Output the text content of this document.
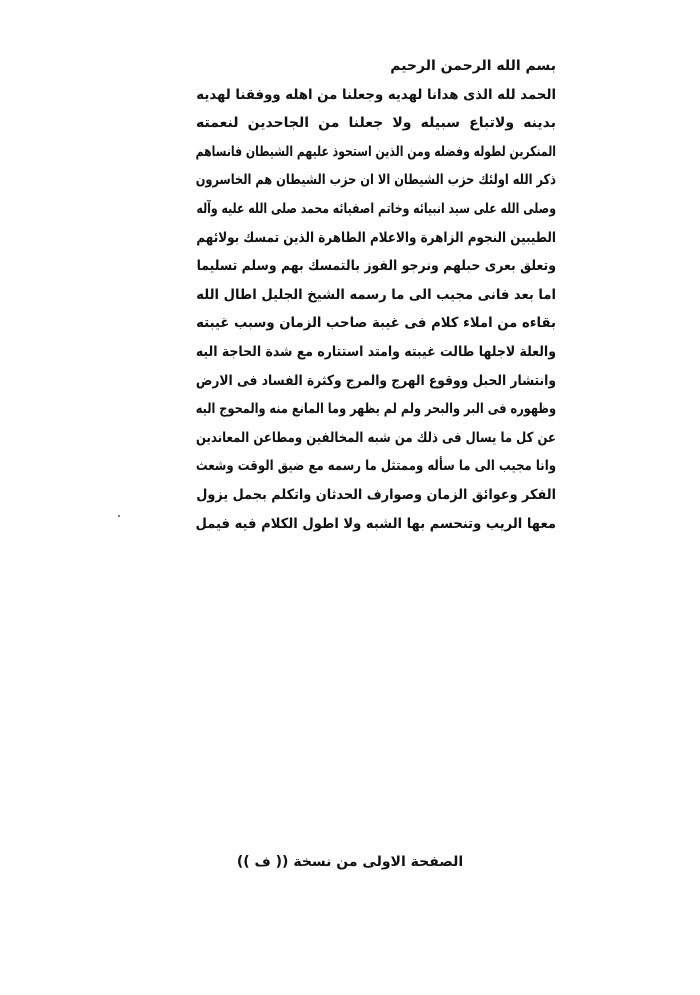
بسم الله الرحمن الرحيم
الحمد لله الذى هدانا لهديه وجعلنا من اهله ووفقنا لهديه
بدينه ولاتباع سبيله ولا جعلنا من الجاحدين لنعمته
المنكرين لطوله وفضله ومن الذين استحوذ عليهم الشيطان فانساهم
ذكر الله اولئك حزب الشيطان الا ان حزب الشيطان هم الخاسرون
وصلى الله على سيد انبيائه وخاتم اصفيائه محمد صلى الله عليه وآله
الطيبين النجوم الزاهرة والاعلام الطاهرة الذين تمسك بولائهم
وتعلق بعرى حبلهم ونرجو الفوز بالتمسك بهم وسلم تسليما
اما بعد فانى مجيب الى ما رسمه الشيخ الجليل اطال الله
بقاءه من املاء كلام فى غيبة صاحب الزمان وسبب غيبته
والعلة لاجلها طالت غيبته وامتد استتاره مع شدة الحاجة اليه
وانتشار الحبل ووقوع الهرج والمرج وكثرة الفساد فى الارض
وظهوره فى البر والبحر ولم لم يظهر وما المانع منه والمحوج اليه
عن كل ما يسال فى ذلك من شبه المخالفين ومطاعن المعاندين
وانا مجيب الى ما سأله وممتثل ما رسمه مع ضيق الوقت وشعث
الفكر وعوائق الزمان وصوارف الحدثان واتكلم بجمل يزول
معها الريب وتنحسم بها الشبه ولا اطول الكلام فيه فيمل
الصفحة الاولى من نسخة (( ف ))
